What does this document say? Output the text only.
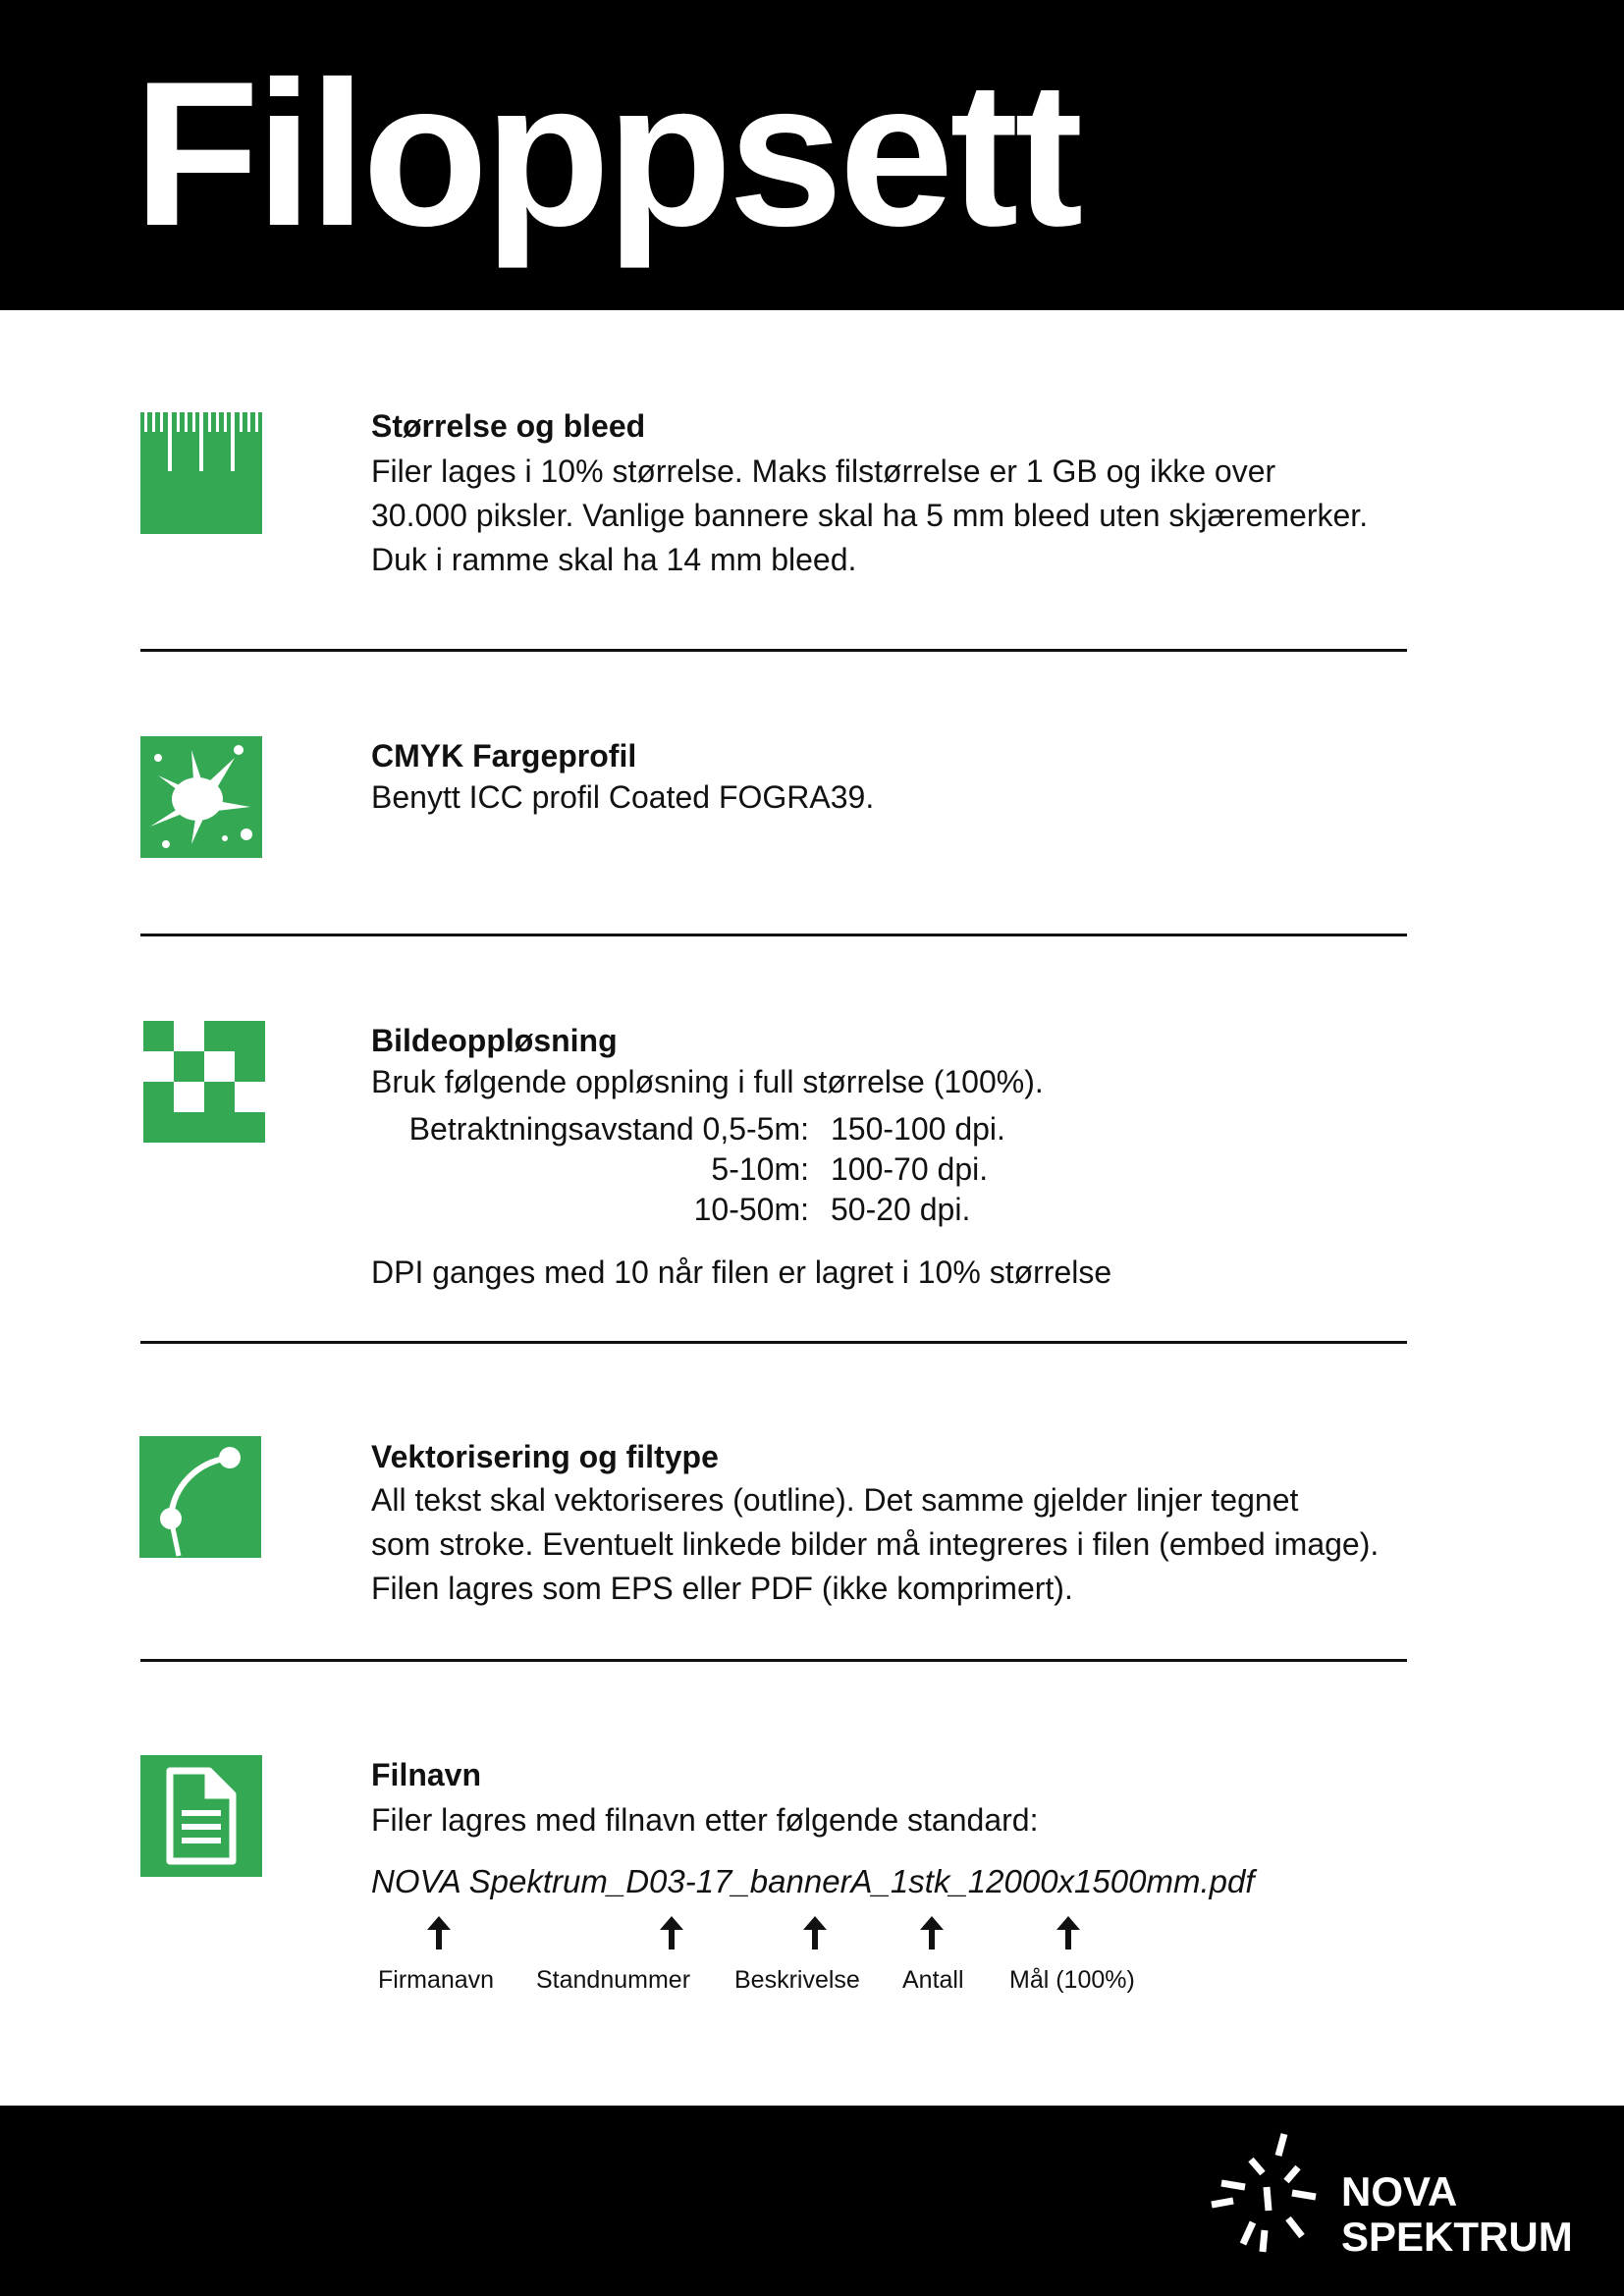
Filoppsett
Størrelse og bleed
Filer lages i 10% størrelse. Maks filstørrelse er 1 GB og ikke over
30.000 piksler. Vanlige bannere skal ha 5 mm bleed uten skjæremerker.
Duk i ramme skal ha 14 mm bleed.
CMYK Fargeprofil
Benytt ICC profil Coated FOGRA39.
Bildeoppløsning
Bruk følgende oppløsning i full størrelse (100%).
Betraktningsavstand 0,5-5m: 150-100 dpi.
5-10m: 100-70 dpi.
10-50m: 50-20 dpi.
DPI ganges med 10 når filen er lagret i 10% størrelse
Vektorisering og filtype
All tekst skal vektoriseres (outline). Det samme gjelder linjer tegnet
som stroke. Eventuelt linkede bilder må integreres i filen (embed image).
Filen lagres som EPS eller PDF (ikke komprimert).
Filnavn
Filer lagres med filnavn etter følgende standard:
NOVA Spektrum_D03-17_bannerA_1stk_12000x1500mm.pdf
Firmanavn Standnummer Beskrivelse Antall Mål (100%)
NOVA
SPEKTRUM
